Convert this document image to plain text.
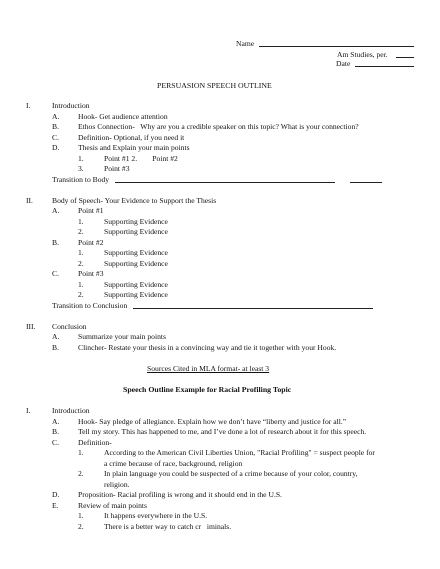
Name
Am Studies, per.
Date
PERSUASION SPEECH OUTLINE
I.	Introduction
A. Hook- Get audience attention
B.	Ethos Connection-   Why are you a credible speaker on this topic? What is your connection?
C.	Definition- Optional, if you need it
D. Thesis and Explain your main points
1.	Point #1 2.        Point #2
3.	Point #3
Transition to Body
II.	Body of Speech- Your Evidence to Support the Thesis
A. Point #1
1.	Supporting Evidence
2.	Supporting Evidence
B.	Point #2
1.	Supporting Evidence
2.	Supporting Evidence
C.	Point #3
1.	Supporting Evidence
2.	Supporting Evidence
Transition to Conclusion
III. Conclusion
A. Summarize your main points
B.	Clincher- Restate your thesis in a convincing way and tie it together with your Hook.
Sources Cited in MLA format- at least 3
Speech Outline Example for Racial Profiling Topic
I.	Introduction
A. Hook- Say pledge of allegiance. Explain how we don’t have “liberty and justice for all.”
B.	Tell my story. This has happened to me, and I’ve done a lot of research about it for this speech.
C.	Definition-
1.	According to the American Civil Liberties Union, "Racial Profiling" = suspect people for
a crime because of race, background, religion
2.	In plain language you could be suspected of a crime because of your color, country,
religion.
D. Proposition- Racial profiling is wrong and it should end in the U.S.
E.	Review of main points
1.	It happens everywhere in the U.S.
2.	There is a better way to catch cr   iminals.
